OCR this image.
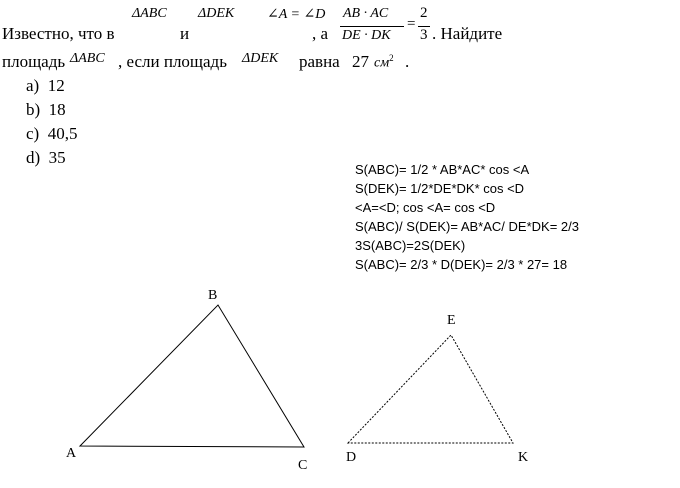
ΔABC ΔDEK ∠A = ∠D
Известно, что в	и	, а
AB · AC
DE · DK
=
2
3 . Найдите
площадь ΔABC , если площадь ΔDEK равна 27 $см^2$ .
a) 12
b) 18
c) 40,5
d) 35
S(ABC)= 1/2 * AB*AC* cos <A
S(DEK)= 1/2*DE*DK* cos <D
<A=<D; cos <A= cos <D
S(ABC)/ S(DEK)= AB*AC/ DE*DK= 2/3
3S(ABC)=2S(DEK)
S(ABC)= 2/3 * D(DEK)= 2/3 * 27= 18
A
B
C
D
E
K
